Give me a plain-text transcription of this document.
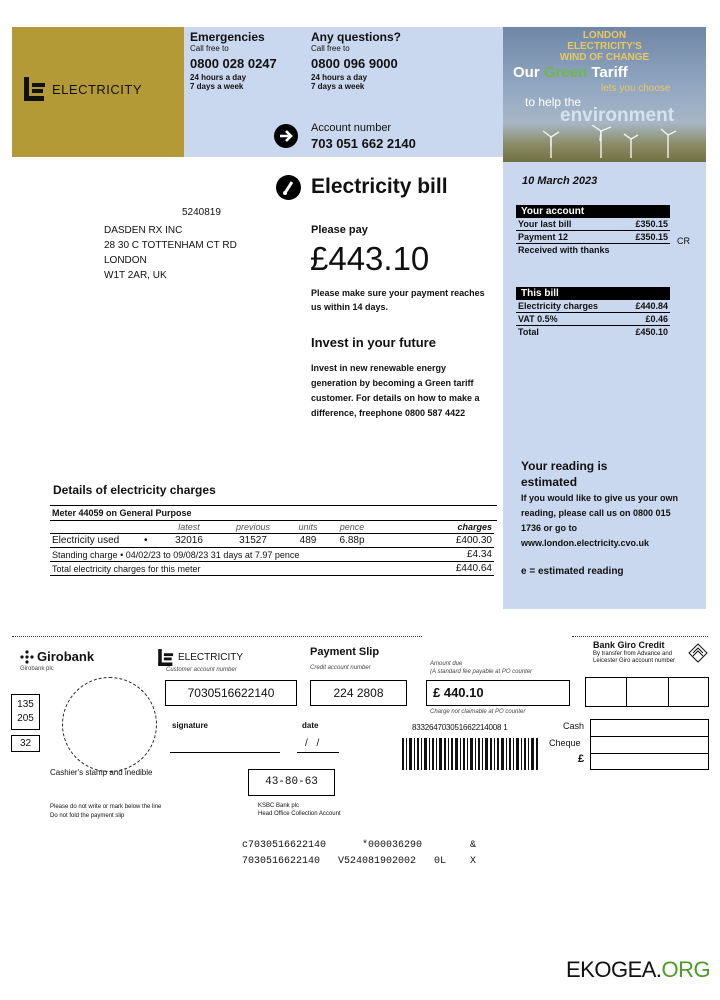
ELECTRICITY
Emergencies
Call free to
0800 028 0247
24 hours a day
7 days a week
Any questions?
Call free to
0800 096 9000
24 hours a day
7 days a week
Account number
703 051 662 2140
LONDON
ELECTRICITY'S
WIND OF CHANGE
Our Green Tariff
lets you choose
to help the
environment
Electricity bill	10 March 2023
5240819
DASDEN RX INC
28 30 C TOTTENHAM CT RD
LONDON
W1T 2AR, UK
Please pay
£443.10
Please make sure your payment reaches us within 14 days.
Invest in your future
Invest in new renewable energy generation by becoming a Green tariff customer. For details on how to make a difference, freephone 0800 587 4422
Your account
Your last bill	£350.15
Payment 12	£350.15
Received with thanks
CR
This bill
Electricity charges	£440.84
VAT 0.5%	£0.46
Total	£450.10
Your reading is estimated
If you would like to give us your own reading, please call us on 0800 015 1736 or go to www.london.electricity.cvo.uk
e = estimated reading
Details of electricity charges
Meter 44059 on General Purpose
	latest	previous	units	pence	charges
Electricity used •	32016	31527	489	6.88p	£400.30
Standing charge • 04/02/23 to 09/08/23 31 days at 7.97 pence					£4.34
Total electricity charges for this meter					£440.64
Girobank
Girobank plc
135
205
32
Cashier's stamp and inedible
Please do not write or mark below the line
Do not fold the payment slip
ELECTRICITY
Customer account number
7030516622140
Payment Slip
Credit account number
224 2808
Amount due
(A standard fee payable at PO counter
£ 440.10
Charge not claimable at PO counter
Bank Giro Credit
By transfer from Advance and Leicester Giro account number
signature	date
/ /
833264703051662214008 1	Cash
Cheque
£
43-80-63
KSBC Bank plc
Head Office Collection Account
c7030516622140      *000036290        &
7030516622140   V524081902002   0L    X
EKOGEA.ORG
